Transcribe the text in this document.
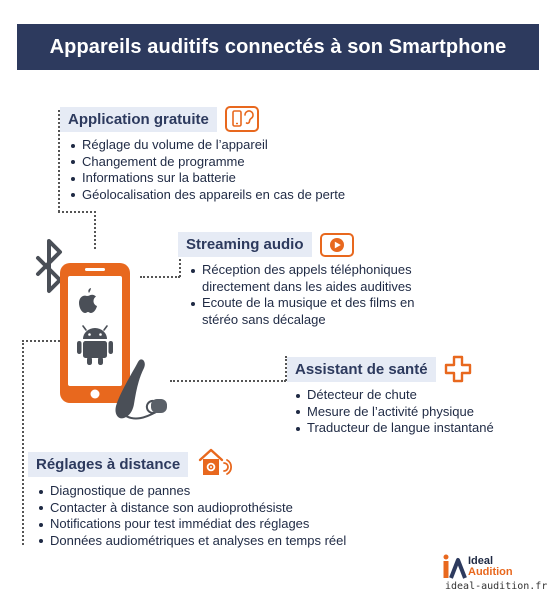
Appareils auditifs connectés à son Smartphone
Application gratuite
Réglage du volume de l’appareil
Changement de programme
Informations sur la batterie
Géolocalisation des appareils en cas de perte
Streaming audio
Réception des appels téléphoniques directement dans les aides auditives
Ecoute de la musique et des films en stéréo sans décalage
Assistant de santé
Détecteur de chute
Mesure de l’activité physique
Traducteur de langue instantané
Réglages à distance
Diagnostique de pannes
Contacter à distance son audioprothésiste
Notifications pour test immédiat des réglages
Données audiométriques et analyses en temps réel
Ideal
Audition
ideal-audition.fr
